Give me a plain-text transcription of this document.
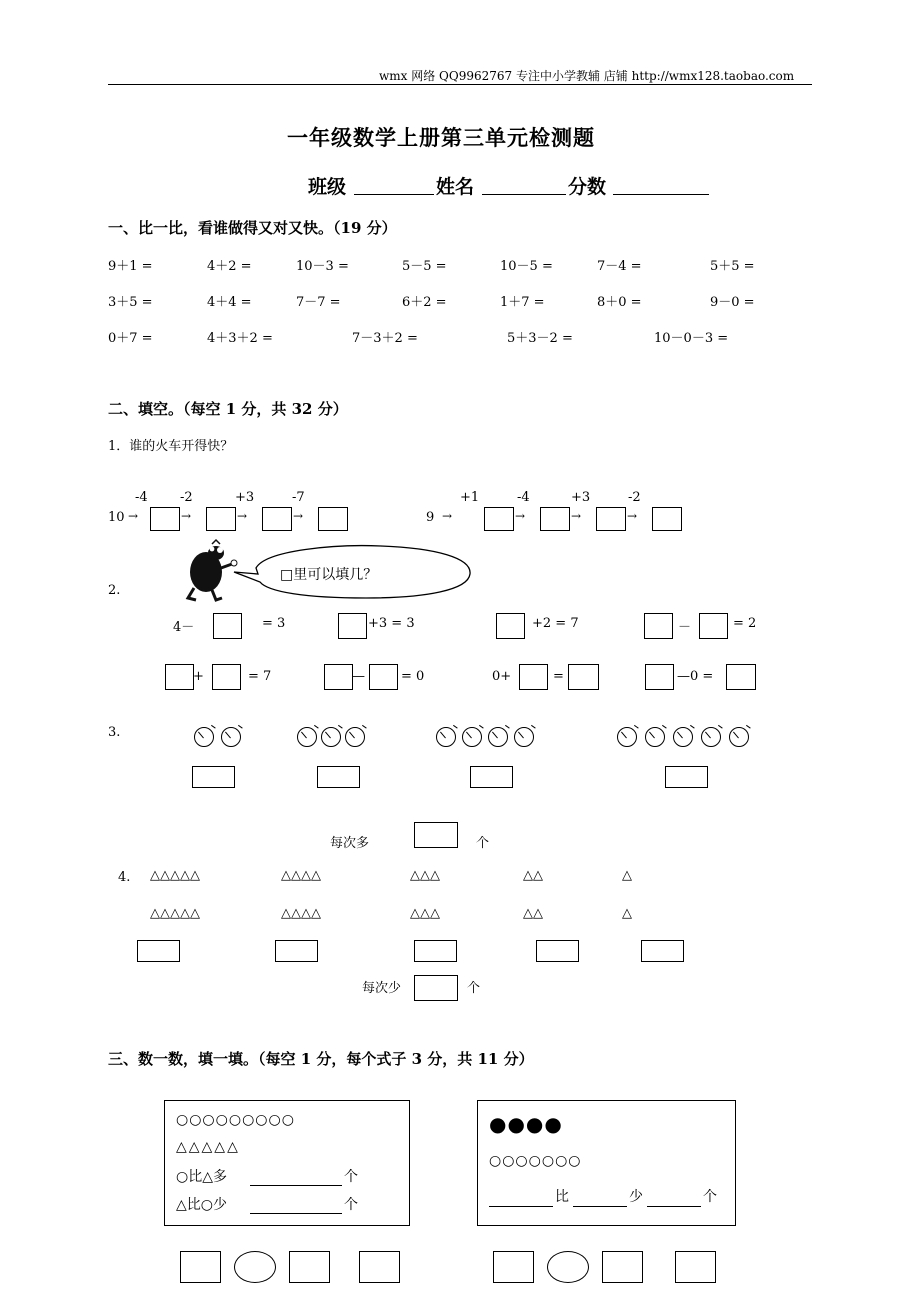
wmx 网络 QQ9962767 专注中小学教辅 店铺 http://wmx128.taobao.com
一年级数学上册第三单元检测题
班级	姓名	分数
一、比一比，看谁做得又对又快。（19 分）
9＋1 =	4＋2 =	10－3 =	5－5 =	10－5 =	7－4 =	5＋5 =
3＋5 =	4＋4 =	7－7 =	6＋2 =	1＋7 =	8＋0 =	9－0 =
0＋7 =	4＋3＋2 =	7－3＋2 =	5＋3－2 =	10－0－3 =
二、填空。（每空 1 分，共 32 分）
1．谁的火车开得快？
-4 -2	+3	-7
10 →	→	→	→
+1	-4	+3	-2
9 →	→	→	→
2.
□里可以填几？
4－	= 3	+3 = 3	+2 = 7	－	= 2
+	= 7	—	= 0	0+	=	—0 =
3.
每次多	个
4. △△△△△	△△△△	△△△	△△	△
△△△△△	△△△△	△△△	△△	△
每次少	个
三、数一数，填一填。（每空 1 分，每个式子 3 分，共 11 分）
○○○○○○○○○
△△△△△
○比△多	个
△比○少	个
●●●●
○○○○○○○
比	少	个
